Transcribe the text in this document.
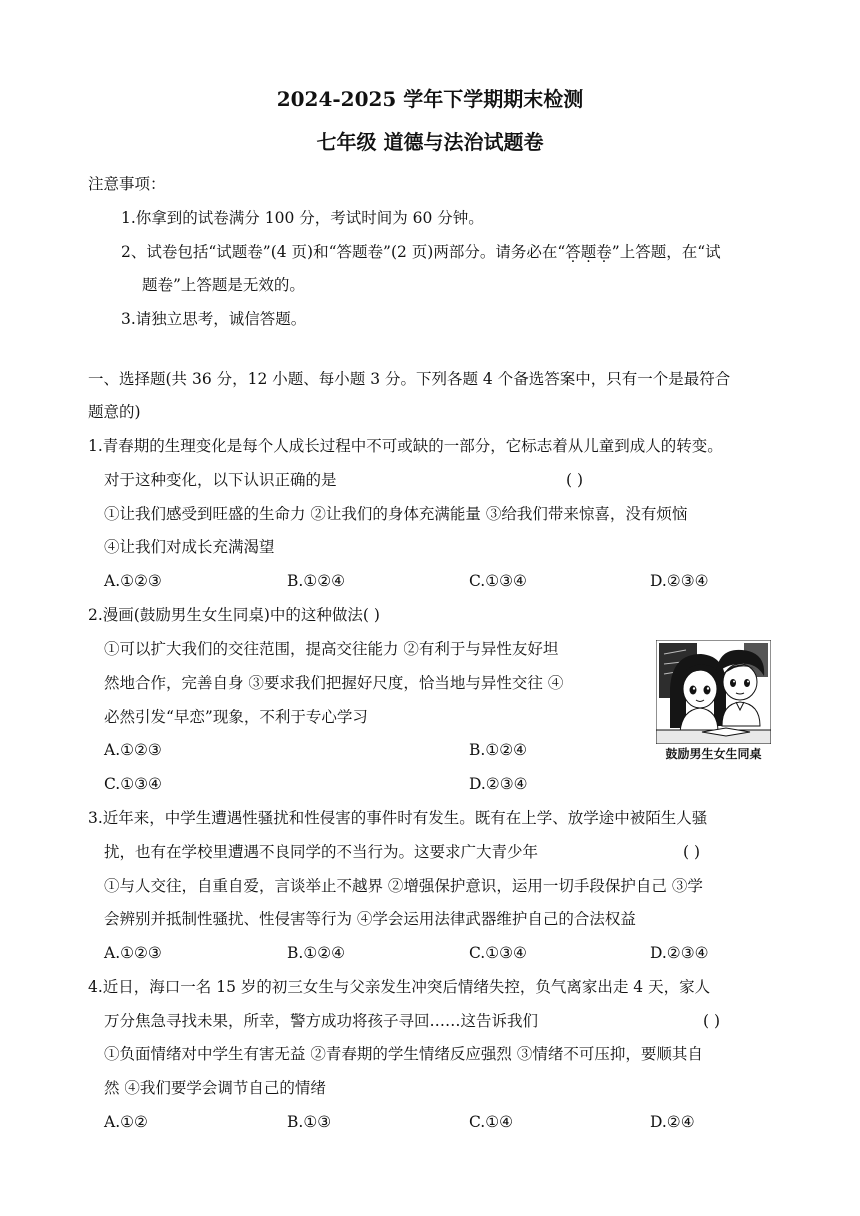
2024-2025 学年下学期期末检测
七年级 道德与法治试题卷
注意事项：
1.你拿到的试卷满分 100 分，考试时间为 60 分钟。
2、试卷包括“试题卷”(4 页)和“答题卷”(2 页)两部分。请务必在“答题卷”上答题，在“试
题卷”上答题是无效的。
3.请独立思考，诚信答题。
一、选择题(共 36 分，12 小题、每小题 3 分。下列各题 4 个备选答案中，只有一个是最符合
题意的)
1.青春期的生理变化是每个人成长过程中不可或缺的一部分，它标志着从儿童到成人的转变。
对于这种变化，以下认识正确的是	( )
①让我们感受到旺盛的生命力 ②让我们的身体充满能量 ③给我们带来惊喜，没有烦恼
④让我们对成长充满渴望
A.①②③	B.①②④	C.①③④	D.②③④
2.漫画(鼓励男生女生同桌)中的这种做法( )
①可以扩大我们的交往范围，提高交往能力 ②有利于与异性友好坦
然地合作，完善自身 ③要求我们把握好尺度，恰当地与异性交往 ④
必然引发“早恋”现象，不利于专心学习
A.①②③	B.①②④
C.①③④	D.②③④
鼓励男生女生同桌
3.近年来，中学生遭遇性骚扰和性侵害的事件时有发生。既有在上学、放学途中被陌生人骚
扰，也有在学校里遭遇不良同学的不当行为。这要求广大青少年	( )
①与人交往，自重自爱，言谈举止不越界 ②增强保护意识，运用一切手段保护自己 ③学
会辨别并抵制性骚扰、性侵害等行为 ④学会运用法律武器维护自己的合法权益
A.①②③	B.①②④	C.①③④	D.②③④
4.近日，海口一名 15 岁的初三女生与父亲发生冲突后情绪失控，负气离家出走 4 天，家人
万分焦急寻找未果，所幸，警方成功将孩子寻回……这告诉我们	( )
①负面情绪对中学生有害无益 ②青春期的学生情绪反应强烈 ③情绪不可压抑，要顺其自
然 ④我们要学会调节自己的情绪
A.①②	B.①③	C.①④	D.②④
